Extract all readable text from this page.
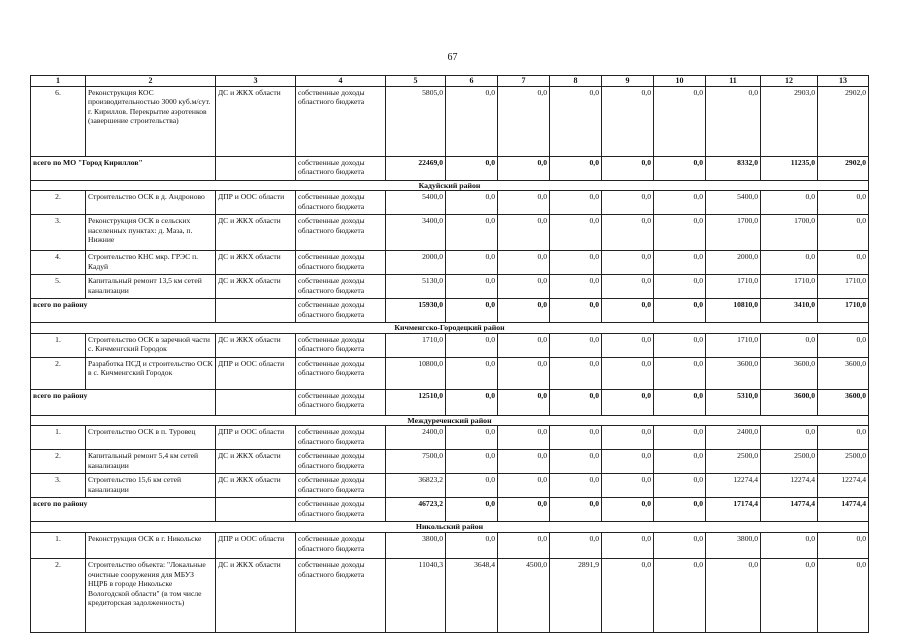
67
1	2	3	4	5	6	7	8	9	10	11	12	13
6.	Реконструкция КОС производительностью 3000 куб.м/сут. г. Кириллов. Перекрытие аэротенков (завершение строительства)	ДС и ЖКХ области	собственные доходы областного бюджета	5805,0	0,0	0,0	0,0	0,0	0,0	0,0	2903,0	2902,0
всего по МО "Город Кириллов"			собственные доходы областного бюджета	22469,0	0,0	0,0	0,0	0,0	0,0	8332,0	11235,0	2902,0
Кадуйский район												
2.	Строительство ОСК в д. Андроново	ДПР и ООС области	собственные доходы областного бюджета	5400,0	0,0	0,0	0,0	0,0	0,0	5400,0	0,0	0,0
3.	Реконструкция ОСК в сельских населенных пунктах: д. Маза, п. Нижние	ДС и ЖКХ области	собственные доходы областного бюджета	3400,0	0,0	0,0	0,0	0,0	0,0	1700,0	1700,0	0,0
4.	Строительство КНС мкр. ГРЭС п. Кадуй	ДС и ЖКХ области	собственные доходы областного бюджета	2000,0	0,0	0,0	0,0	0,0	0,0	2000,0	0,0	0,0
5.	Капитальный ремонт 13,5 км сетей канализации	ДС и ЖКХ области	собственные доходы областного бюджета	5130,0	0,0	0,0	0,0	0,0	0,0	1710,0	1710,0	1710,0
всего по району			собственные доходы областного бюджета	15930,0	0,0	0,0	0,0	0,0	0,0	10810,0	3410,0	1710,0
Кичменгско-Городецкий район												
1.	Строительство ОСК в заречной части с. Кичменгский Городок	ДС и ЖКХ области	собственные доходы областного бюджета	1710,0	0,0	0,0	0,0	0,0	0,0	1710,0	0,0	0,0
2.	Разработка ПСД и строительство ОСК в с. Кичменгский Городок	ДПР и ООС области	собственные доходы областного бюджета	10800,0	0,0	0,0	0,0	0,0	0,0	3600,0	3600,0	3600,0
всего по району			собственные доходы областного бюджета	12510,0	0,0	0,0	0,0	0,0	0,0	5310,0	3600,0	3600,0
Междуреченский район												
1.	Строительство ОСК в п. Туровец	ДПР и ООС области	собственные доходы областного бюджета	2400,0	0,0	0,0	0,0	0,0	0,0	2400,0	0,0	0,0
2.	Капитальный ремонт 5,4 км сетей канализации	ДС и ЖКХ области	собственные доходы областного бюджета	7500,0	0,0	0,0	0,0	0,0	0,0	2500,0	2500,0	2500,0
3.	Строительство 15,6 км сетей канализации	ДС и ЖКХ области	собственные доходы областного бюджета	36823,2	0,0	0,0	0,0	0,0	0,0	12274,4	12274,4	12274,4
всего по району			собственные доходы областного бюджета	46723,2	0,0	0,0	0,0	0,0	0,0	17174,4	14774,4	14774,4
Никольский район												
1.	Реконструкция ОСК в г. Никольске	ДПР и ООС области	собственные доходы областного бюджета	3800,0	0,0	0,0	0,0	0,0	0,0	3800,0	0,0	0,0
2.	Строительство объекта: "Локальные очистные сооружения для МБУЗ НЦРБ в городе Никольске Вологодской области" (в том числе кредиторская задолженность)	ДС и ЖКХ области	собственные доходы областного бюджета	11040,3	3648,4	4500,0	2891,9	0,0	0,0	0,0	0,0	0,0
